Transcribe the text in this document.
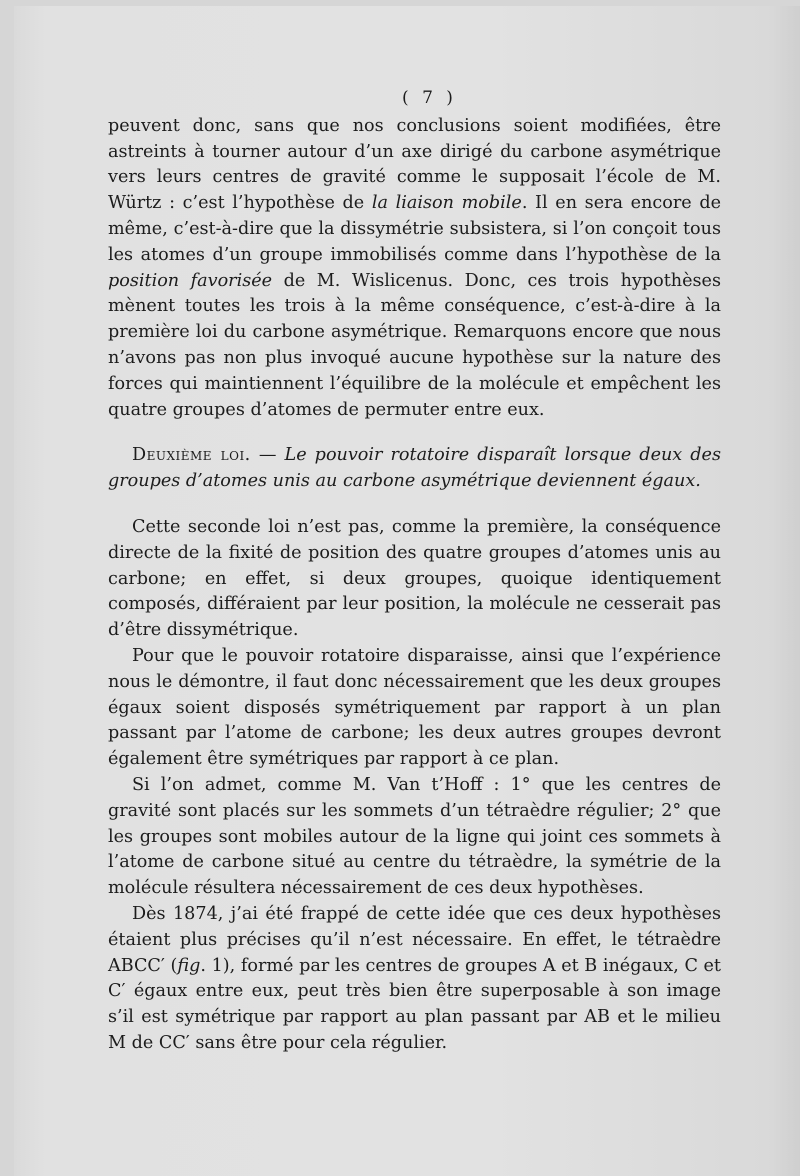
( 7 )

peuvent donc, sans que nos conclusions soient modifiées, être astreints à tourner autour d’un axe dirigé du carbone asymétrique vers leurs centres de gravité comme le supposait l’école de M. Würtz : c’est l’hypothèse de la liaison mobile. Il en sera encore de même, c’est-à-dire que la dissymétrie subsistera, si l’on conçoit tous les atomes d’un groupe immobilisés comme dans l’hypothèse de la position favorisée de M. Wislicenus. Donc, ces trois hypothèses mènent toutes les trois à la même conséquence, c’est-à-dire à la première loi du carbone asymétrique. Remarquons encore que nous n’avons pas non plus invoqué aucune hypothèse sur la nature des forces qui maintiennent l’équilibre de la molécule et empêchent les quatre groupes d’atomes de permuter entre eux.

Deuxième loi. — Le pouvoir rotatoire disparaît lorsque deux des groupes d’atomes unis au carbone asymétrique deviennent égaux.

Cette seconde loi n’est pas, comme la première, la conséquence directe de la fixité de position des quatre groupes d’atomes unis au carbone; en effet, si deux groupes, quoique identiquement composés, différaient par leur position, la molécule ne cesserait pas d’être dissymétrique.

Pour que le pouvoir rotatoire disparaisse, ainsi que l’expérience nous le démontre, il faut donc nécessairement que les deux groupes égaux soient disposés symétriquement par rapport à un plan passant par l’atome de carbone; les deux autres groupes devront également être symétriques par rapport à ce plan.

Si l’on admet, comme M. Van t’Hoff : 1° que les centres de gravité sont placés sur les sommets d’un tétraèdre régulier; 2° que les groupes sont mobiles autour de la ligne qui joint ces sommets à l’atome de carbone situé au centre du tétraèdre, la symétrie de la molécule résultera nécessairement de ces deux hypothèses.

Dès 1874, j’ai été frappé de cette idée que ces deux hypothèses étaient plus précises qu’il n’est nécessaire. En effet, le tétraèdre ABCC′ (fig. 1), formé par les centres de groupes A et B inégaux, C et C′ égaux entre eux, peut très bien être superposable à son image s’il est symétrique par rapport au plan passant par AB et le milieu M de CC′ sans être pour cela régulier.
